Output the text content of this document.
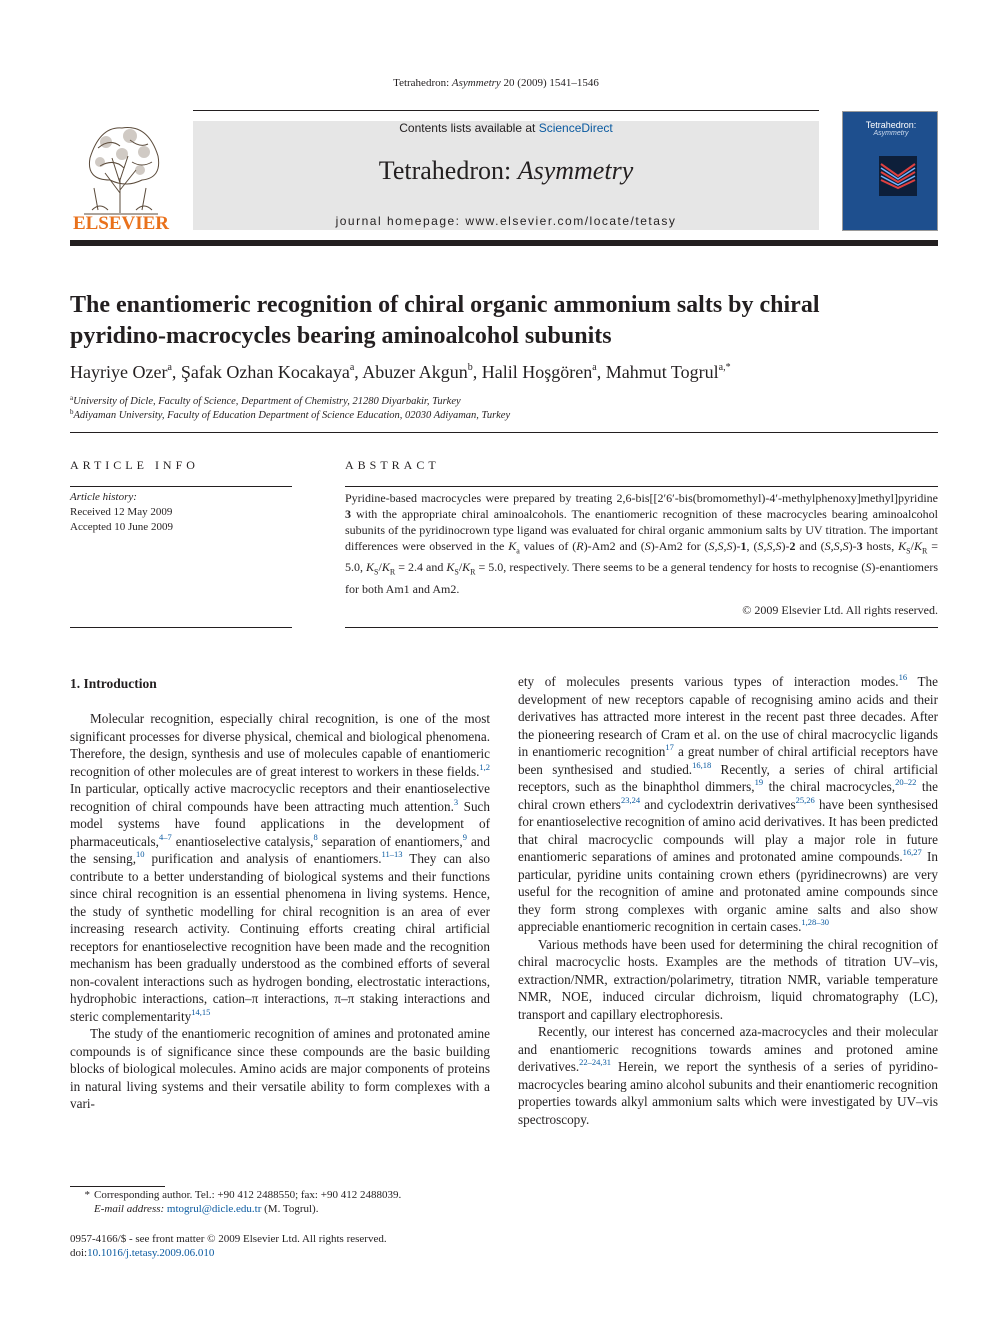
Tetrahedron: Asymmetry 20 (2009) 1541–1546
ELSEVIER
Contents lists available at ScienceDirect
Tetrahedron: Asymmetry
journal homepage: www.elsevier.com/locate/tetasy
Tetrahedron:
Asymmetry
The enantiomeric recognition of chiral organic ammonium salts by chiral
pyridino-macrocycles bearing aminoalcohol subunits
Hayriye Ozer$^a$, Şafak Ozhan Kocakaya$^a$, Abuzer Akgun$^b$, Halil Hoşgören$^a$, Mahmut Togrul$^{a,*}$
$^a$University of Dicle, Faculty of Science, Department of Chemistry, 21280 Diyarbakir, Turkey
$^b$Adiyaman University, Faculty of Education Department of Science Education, 02030 Adiyaman, Turkey
ARTICLE INFO	ABSTRACT
Article history:
Received 12 May 2009
Accepted 10 June 2009

Pyridine-based macrocycles were prepared by treating 2,6-bis[[2′6′-bis(bromomethyl)-4′-methylphenoxy]methyl]pyridine 3 with the appropriate chiral aminoalcohols. The enantiomeric recognition of these macrocycles bearing aminoalcohol subunits of the pyridinocrown type ligand was evaluated for chiral organic ammonium salts by UV titration. The important differences were observed in the $K_a$ values of (R)-Am2 and (S)-Am2 for (S,S,S)-1, (S,S,S)-2 and (S,S,S)-3 hosts, $K_S/K_R = 5.0$, $K_S/K_R = 2.4$ and $K_S/K_R = 5.0$, respectively. There seems to be a general tendency for hosts to recognise (S)-enantiomers for both Am1 and Am2.

© 2009 Elsevier Ltd. All rights reserved.
1. Introduction

Molecular recognition, especially chiral recognition, is one of the most significant processes for diverse physical, chemical and biological phenomena. Therefore, the design, synthesis and use of molecules capable of enantiomeric recognition of other molecules are of great interest to workers in these fields.$^{1,2}$ In particular, optically active macrocyclic receptors and their enantioselective recognition of chiral compounds have been attracting much attention.$^3$ Such model systems have found applications in the development of pharmaceuticals,$^{4-7}$ enantioselective catalysis,$^8$ separation of enantiomers,$^9$ and the sensing,$^{10}$ purification and analysis of enantiomers.$^{11-13}$ They can also contribute to a better understanding of biological systems and their functions since chiral recognition is an essential phenomena in living systems. Hence, the study of synthetic modelling for chiral recognition is an area of ever increasing research activity. Continuing efforts creating chiral artificial receptors for enantioselective recognition have been made and the recognition mechanism has been gradually understood as the combined efforts of several non-covalent interactions such as hydrogen bonding, electrostatic interactions, hydrophobic interactions, cation–π interactions, π–π staking interactions and steric complementarity$^{14,15}$

The study of the enantiomeric recognition of amines and protonated amine compounds is of significance since these compounds are the basic building blocks of biological molecules. Amino acids are major components of proteins in natural living systems and their versatile ability to form complexes with a vari-

ety of molecules presents various types of interaction modes.$^{16}$ The development of new receptors capable of recognising amino acids and their derivatives has attracted more interest in the recent past three decades. After the pioneering research of Cram et al. on the use of chiral macrocyclic ligands in enantiomeric recognition$^{17}$ a great number of chiral artificial receptors have been synthesised and studied.$^{16,18}$ Recently, a series of chiral artificial receptors, such as the binaphthol dimmers,$^{19}$ the chiral macrocycles,$^{20-22}$ the chiral crown ethers$^{23,24}$ and cyclodextrin derivatives$^{25,26}$ have been synthesised for enantioselective recognition of amino acid derivatives. It has been predicted that chiral macrocyclic compounds will play a major role in future enantiomeric separations of amines and protonated amine compounds.$^{16,27}$ In particular, pyridine units containing crown ethers (pyridinecrowns) are very useful for the recognition of amine and protonated amine compounds since they form strong complexes with organic amine salts and also show appreciable enantiomeric recognition in certain cases.$^{1,28-30}$

Various methods have been used for determining the chiral recognition of chiral macrocyclic hosts. Examples are the methods of titration UV–vis, extraction/NMR, extraction/polarimetry, titration NMR, variable temperature NMR, NOE, induced circular dichroism, liquid chromatography (LC), transport and capillary electrophoresis.

Recently, our interest has concerned aza-macrocycles and their molecular and enantiomeric recognitions towards amines and protoned amine derivatives.$^{22-24,31}$ Herein, we report the synthesis of a series of pyridino-macrocycles bearing amino alcohol subunits and their enantiomeric recognition properties towards alkyl ammonium salts which were investigated by UV–vis spectroscopy.

* Corresponding author. Tel.: +90 412 2488550; fax: +90 412 2488039.
E-mail address: mtogrul@dicle.edu.tr (M. Togrul).
0957-4166/$ - see front matter © 2009 Elsevier Ltd. All rights reserved.
doi:10.1016/j.tetasy.2009.06.010
